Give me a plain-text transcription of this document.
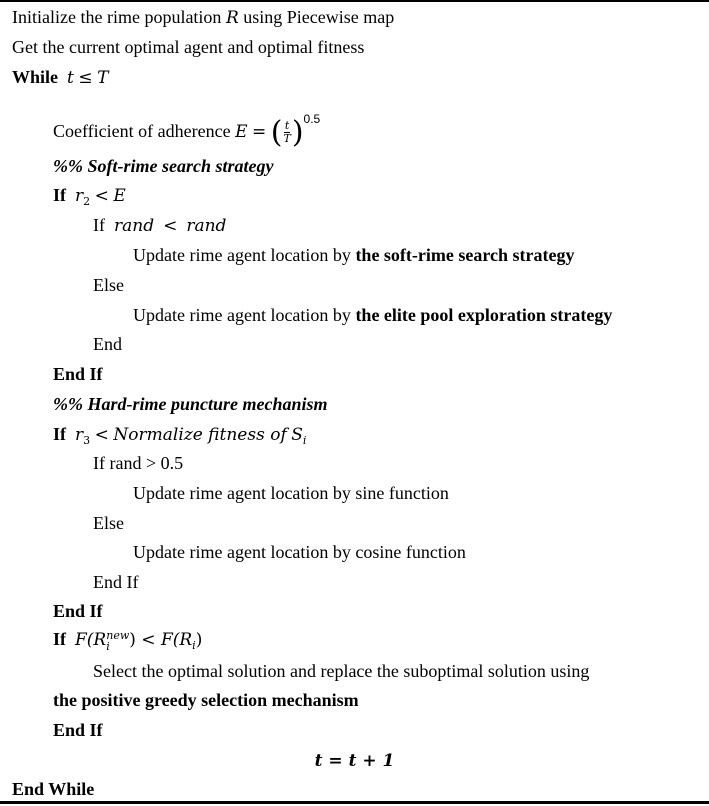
Initialize the rime population R using Piecewise map
Get the current optimal agent and optimal fitness
While t ≤ T
Coefficient of adherence E = ( $\frac{t}{T} )^{0.5}$
%% Soft-rime search strategy
If $r_2 < E$
If rand < rand
Update rime agent location by the soft-rime search strategy
Else
Update rime agent location by the elite pool exploration strategy
End
End If
%% Hard-rime puncture mechanism
If $r_3$ < Normalize fitness of $S_i$
If rand > 0.5
Update rime agent location by sine function
Else
Update rime agent location by cosine function
End If
End If
If F(R new
i	) < $F(R_i)$
Select the optimal solution and replace the suboptimal solution using
the positive greedy selection mechanism
End If
t = t + 1
End While
